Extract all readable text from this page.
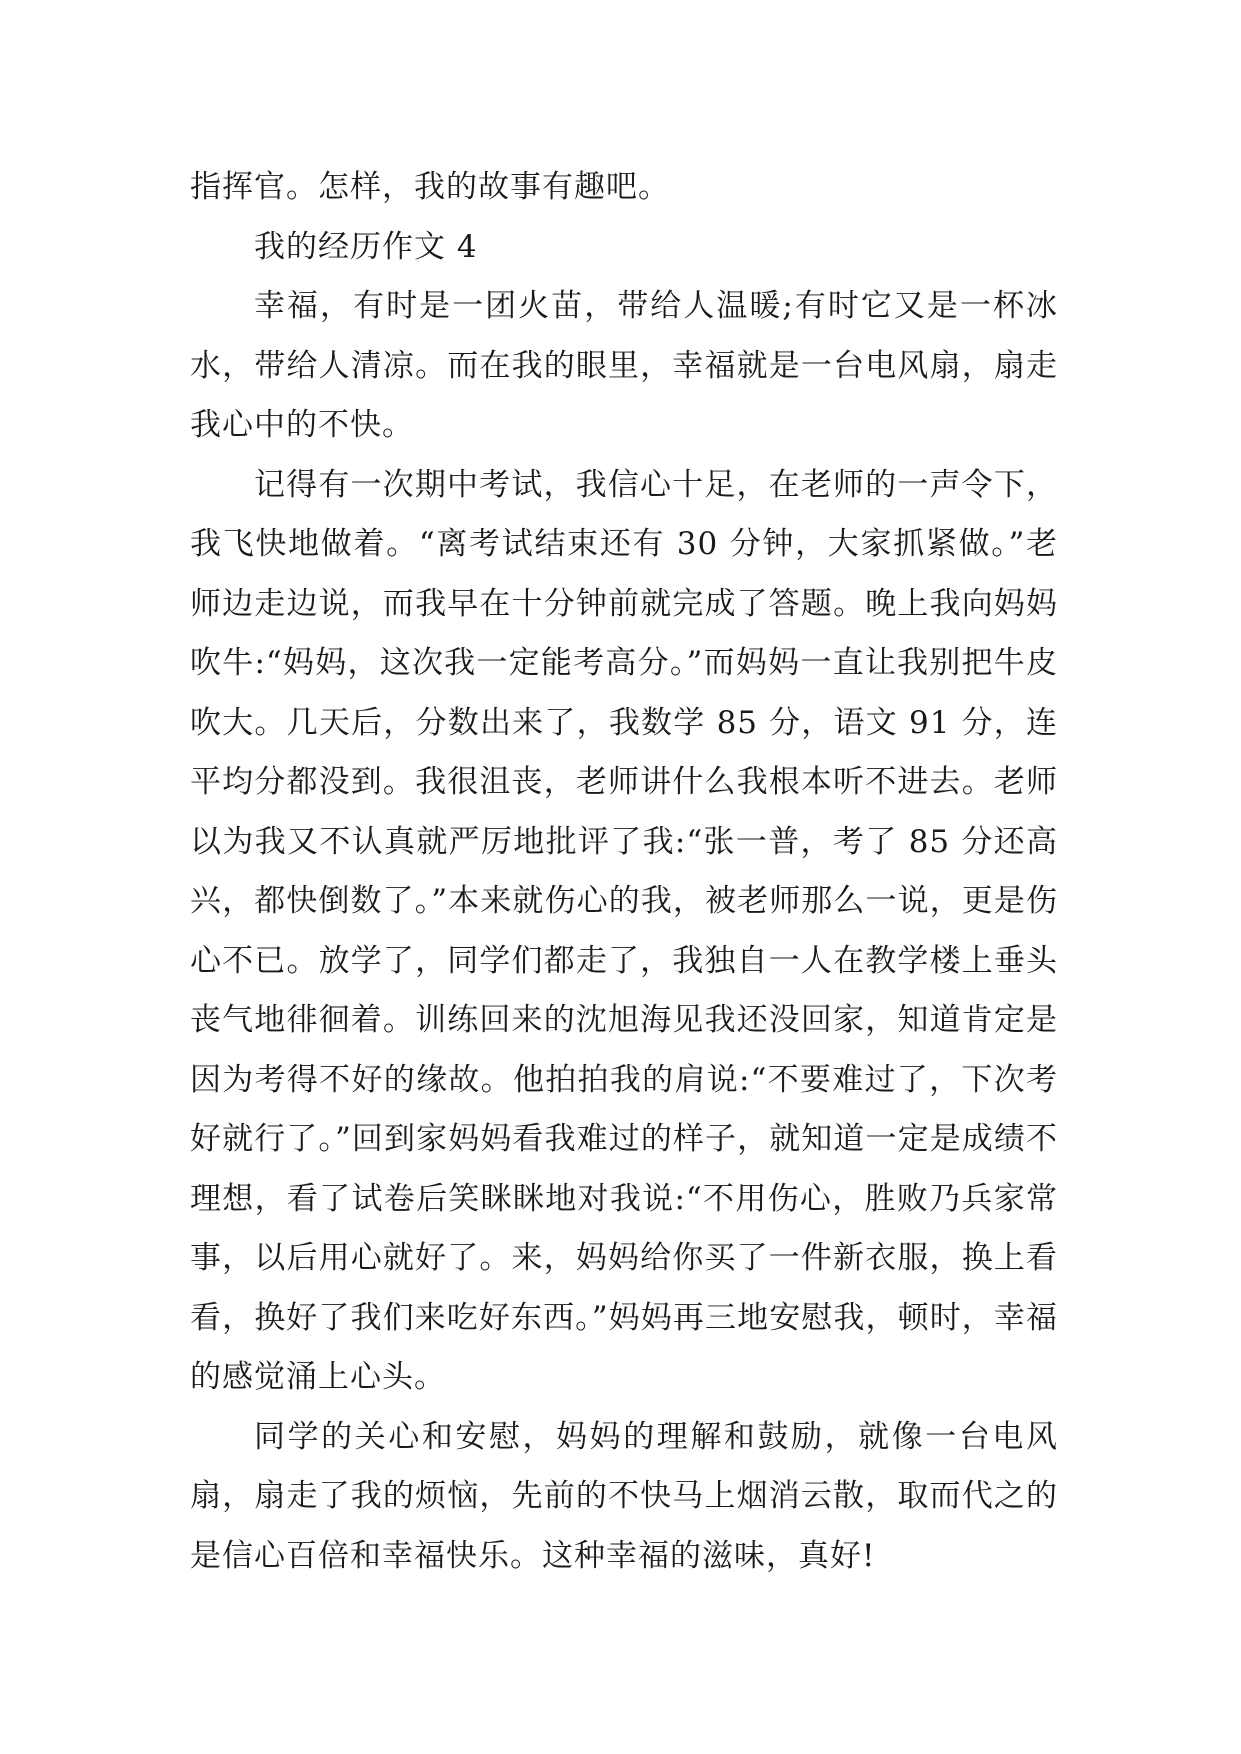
指挥官。怎样，我的故事有趣吧。

我的经历作文 4

幸福，有时是一团火苗，带给人温暖;有时它又是一杯冰水，带给人清凉。而在我的眼里，幸福就是一台电风扇，扇走我心中的不快。

记得有一次期中考试，我信心十足，在老师的一声令下，我飞快地做着。“离考试结束还有 30 分钟，大家抓紧做。”老师边走边说，而我早在十分钟前就完成了答题。晚上我向妈妈吹牛:“妈妈，这次我一定能考高分。”而妈妈一直让我别把牛皮吹大。几天后，分数出来了，我数学 85 分，语文 91 分，连平均分都没到。我很沮丧，老师讲什么我根本听不进去。老师以为我又不认真就严厉地批评了我:“张一普，考了 85 分还高兴，都快倒数了。”本来就伤心的我，被老师那么一说，更是伤心不已。放学了，同学们都走了，我独自一人在教学楼上垂头丧气地徘徊着。训练回来的沈旭海见我还没回家，知道肯定是因为考得不好的缘故。他拍拍我的肩说:“不要难过了，下次考好就行了。”回到家妈妈看我难过的样子，就知道一定是成绩不理想，看了试卷后笑眯眯地对我说:“不用伤心，胜败乃兵家常事，以后用心就好了。来，妈妈给你买了一件新衣服，换上看看，换好了我们来吃好东西。”妈妈再三地安慰我，顿时，幸福的感觉涌上心头。

同学的关心和安慰，妈妈的理解和鼓励，就像一台电风扇，扇走了我的烦恼，先前的不快马上烟消云散，取而代之的是信心百倍和幸福快乐。这种幸福的滋味，真好!
